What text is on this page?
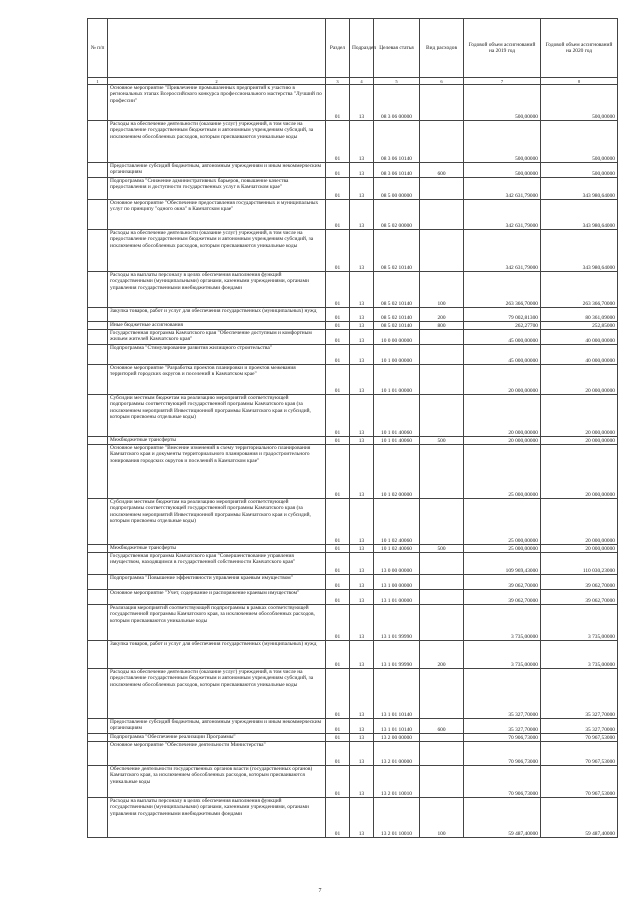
№ п/п		Раздел	Подраздел	Целевая статья	Вид расходов	Годовой объем ассигнований на 2019 год	Годовой объем ассигнований на 2020 год
1	2	3	4	5	6	7	8
	Основное мероприятие "Привлечение промышленных предприятий к участию в региональных этапах Всероссийского конкурса профессионального мастерства "Лучший по профессии"	01	13	08 3 06 00000		500,00000	500,00000
	Расходы на обеспечение деятельности (оказание услуг) учреждений, в том числе на предоставление государственным бюджетным и автономным учреждениям субсидий, за исключением обособленных расходов, которым присваиваются уникальные коды	01	13	08 3 06 10140		500,00000	500,00000
	Предоставление субсидий бюджетным, автономным учреждениям и иным некоммерческим организациям	01	13	08 3 06 10140	600	500,00000	500,00000
	Подпрограмма "Снижение административных барьеров, повышение качества предоставления и доступности государственных услуг в Камчатском крае"	01	13	08 5 00 00000		342 631,79000	343 980,64000
	Основное мероприятие "Обеспечение предоставления государственных и муниципальных услуг по принципу "одного окна" в Камчатском крае"	01	13	08 5 02 00000		342 631,79000	343 980,64000
	Расходы на обеспечение деятельности (оказание услуг) учреждений, в том числе на предоставление государственным бюджетным и автономным учреждениям субсидий, за исключением обособленных расходов, которым присваиваются уникальные коды	01	13	08 5 02 10140		342 631,79000	343 980,64000
	Расходы на выплаты персоналу в целях обеспечения выполнения функций государственными (муниципальными) органами, казенными учреждениями, органами управления государственными внебюджетными фондами	01	13	08 5 02 10140	100	263 366,70000	263 366,70000
	Закупка товаров, работ и услуг для обеспечения государственных (муниципальных) нужд	01	13	08 5 02 10140	200	79 002,81300	80 361,09000
	Иные бюджетные ассигнования	01	13	08 5 02 10140	800	262,27700	252,85000
	Государственная программа Камчатского края "Обеспечение доступным и комфортным жильем жителей Камчатского края"	01	13	10 0 00 00000		45 000,00000	40 000,00000
	Подпрограмма "Стимулирование развития жилищного строительства"	01	13	10 1 00 00000		45 000,00000	40 000,00000
	Основное мероприятие "Разработка проектов планировки и проектов межевания территорий городских округов и поселений в Камчатском крае"	01	13	10 1 01 00000		20 000,00000	20 000,00000
	Субсидии местным бюджетам на реализацию мероприятий соответствующей подпрограммы соответствующей государственной программы Камчатского края (за исключением мероприятий Инвестиционной программы Камчатского края и субсидий, которым присвоены отдельные коды)	01	13	10 1 01 40060		20 000,00000	20 000,00000
	Межбюджетные трансферты	01	13	10 1 01 40060	500	20 000,00000	20 000,00000
	Основное мероприятие "Внесение изменений в схему территориального планирования Камчатского края и документы территориального планирования и градостроительного зонирования городских округов и поселений в Камчатском крае"	01	13	10 1 02 00000		25 000,00000	20 000,00000
	Субсидии местным бюджетам на реализацию мероприятий соответствующей подпрограммы соответствующей государственной программы Камчатского края (за исключением мероприятий Инвестиционной программы Камчатского края и субсидий, которым присвоены отдельные коды)	01	13	10 1 02 40060		25 000,00000	20 000,00000
	Межбюджетные трансферты	01	13	10 1 02 40060	500	25 000,00000	20 000,00000
	Государственная программа Камчатского края "Совершенствование управления имуществом, находящимся в государственной собственности Камчатского края"	01	13	13 0 00 00000		109 969,43000	110 030,23000
	Подпрограмма "Повышение эффективности управления краевым имуществом"	01	13	13 1 00 00000		39 062,70000	39 062,70000
	Основное мероприятие "Учет, содержание и распоряжение краевым имуществом"	01	13	13 1 01 00000		39 062,70000	39 062,70000
	Реализация мероприятий соответствующей подпрограммы в рамках соответствующей государственной программы Камчатского края, за исключением обособленных расходов, которым присваиваются уникальные коды	01	13	13 1 01 99990		3 735,00000	3 735,00000
	Закупка товаров, работ и услуг для обеспечения государственных (муниципальных) нужд	01	13	13 1 01 99990	200	3 735,00000	3 735,00000
	Расходы на обеспечение деятельности (оказание услуг) учреждений, в том числе на предоставление государственным бюджетным и автономным учреждениям субсидий, за исключением обособленных расходов, которым присваиваются уникальные коды	01	13	13 1 01 10140		35 327,70000	35 327,70000
	Предоставление субсидий бюджетным, автономным учреждениям и иным некоммерческим организациям	01	13	13 1 01 10140	600	35 327,70000	35 327,70000
	Подпрограмма "Обеспечение реализации Программы"	01	13	13 2 00 00000		70 906,73000	70 967,53000
	Основное мероприятие "Обеспечение деятельности Министерства"	01	13	13 2 01 00000		70 906,73000	70 967,53000
	Обеспечение деятельности государственных органов власти (государственных органов) Камчатского края, за исключением обособленных расходов, которым присваиваются уникальные коды	01	13	13 2 01 10010		70 906,73000	70 967,53000
	Расходы на выплаты персоналу в целях обеспечения выполнения функций государственными (муниципальными) органами, казенными учреждениями, органами управления государственными внебюджетными фондами	01	13	13 2 01 10010	100	59 487,40000	59 487,40000
7
